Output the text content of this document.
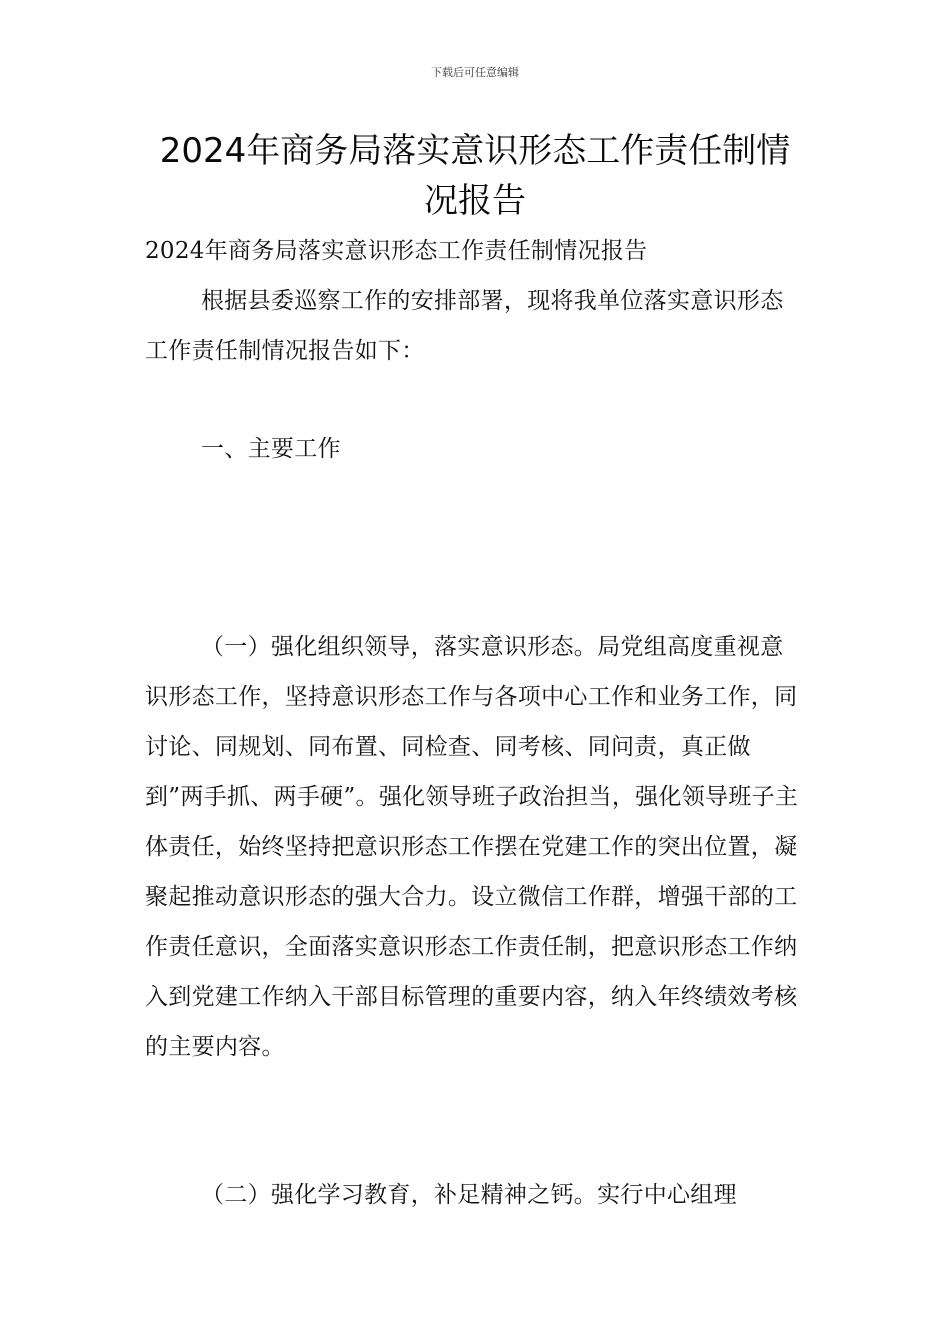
下载后可任意编辑
2024年商务局落实意识形态工作责任制情况报告

2024年商务局落实意识形态工作责任制情况报告

根据县委巡察工作的安排部署，现将我单位落实意识形态工作责任制情况报告如下：

一、主要工作

（一）强化组织领导，落实意识形态。局党组高度重视意识形态工作，坚持意识形态工作与各项中心工作和业务工作，同讨论、同规划、同布置、同检查、同考核、同问责，真正做到”两手抓、两手硬”。强化领导班子政治担当，强化领导班子主体责任，始终坚持把意识形态工作摆在党建工作的突出位置，凝聚起推动意识形态的强大合力。设立微信工作群，增强干部的工作责任意识，全面落实意识形态工作责任制，把意识形态工作纳入到党建工作纳入干部目标管理的重要内容，纳入年终绩效考核的主要内容。

（二）强化学习教育，补足精神之钙。实行中心组理
